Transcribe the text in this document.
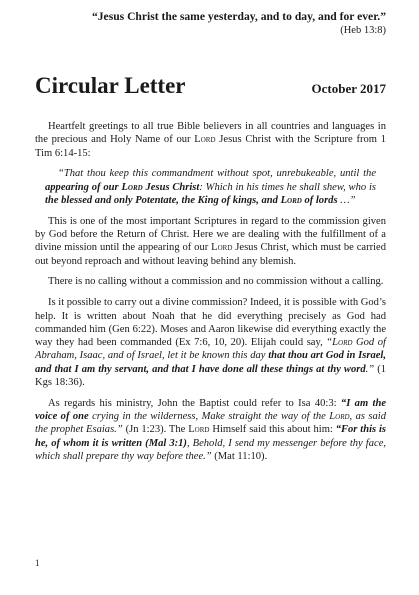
“Jesus Christ the same yesterday, and to day, and for ever.”
(Heb 13:8)
Circular Letter	October 2017

Heartfelt greetings to all true Bible believers in all countries and languages in the precious and Holy Name of our Lord Jesus Christ with the Scripture from 1 Tim 6:14-15:

“That thou keep this commandment without spot, unrebukeable, until the appearing of our Lord Jesus Christ: Which in his times he shall shew, who is the blessed and only Potentate, the King of kings, and Lord of lords …”

This is one of the most important Scriptures in regard to the commission given by God before the Return of Christ. Here we are dealing with the fulfillment of a divine mission until the appearing of our Lord Jesus Christ, which must be carried out beyond reproach and without leaving behind any blemish.

There is no calling without a commission and no commission without a calling.

Is it possible to carry out a divine commission? Indeed, it is possible with God’s help. It is written about Noah that he did everything precisely as God had commanded him (Gen 6:22). Moses and Aaron likewise did everything exactly the way they had been commanded (Ex 7:6, 10, 20). Elijah could say, “Lord God of Abraham, Isaac, and of Israel, let it be known this day that thou art God in Israel, and that I am thy servant, and that I have done all these things at thy word.” (1 Kgs 18:36).

As regards his ministry, John the Baptist could refer to Isa 40:3: “I am the voice of one crying in the wilderness, Make straight the way of the Lord, as said the prophet Esaias.” (Jn 1:23). The Lord Himself said this about him: “For this is he, of whom it is written (Mal 3:1), Behold, I send my messenger before thy face, which shall prepare thy way before thee.” (Mat 11:10).

1
